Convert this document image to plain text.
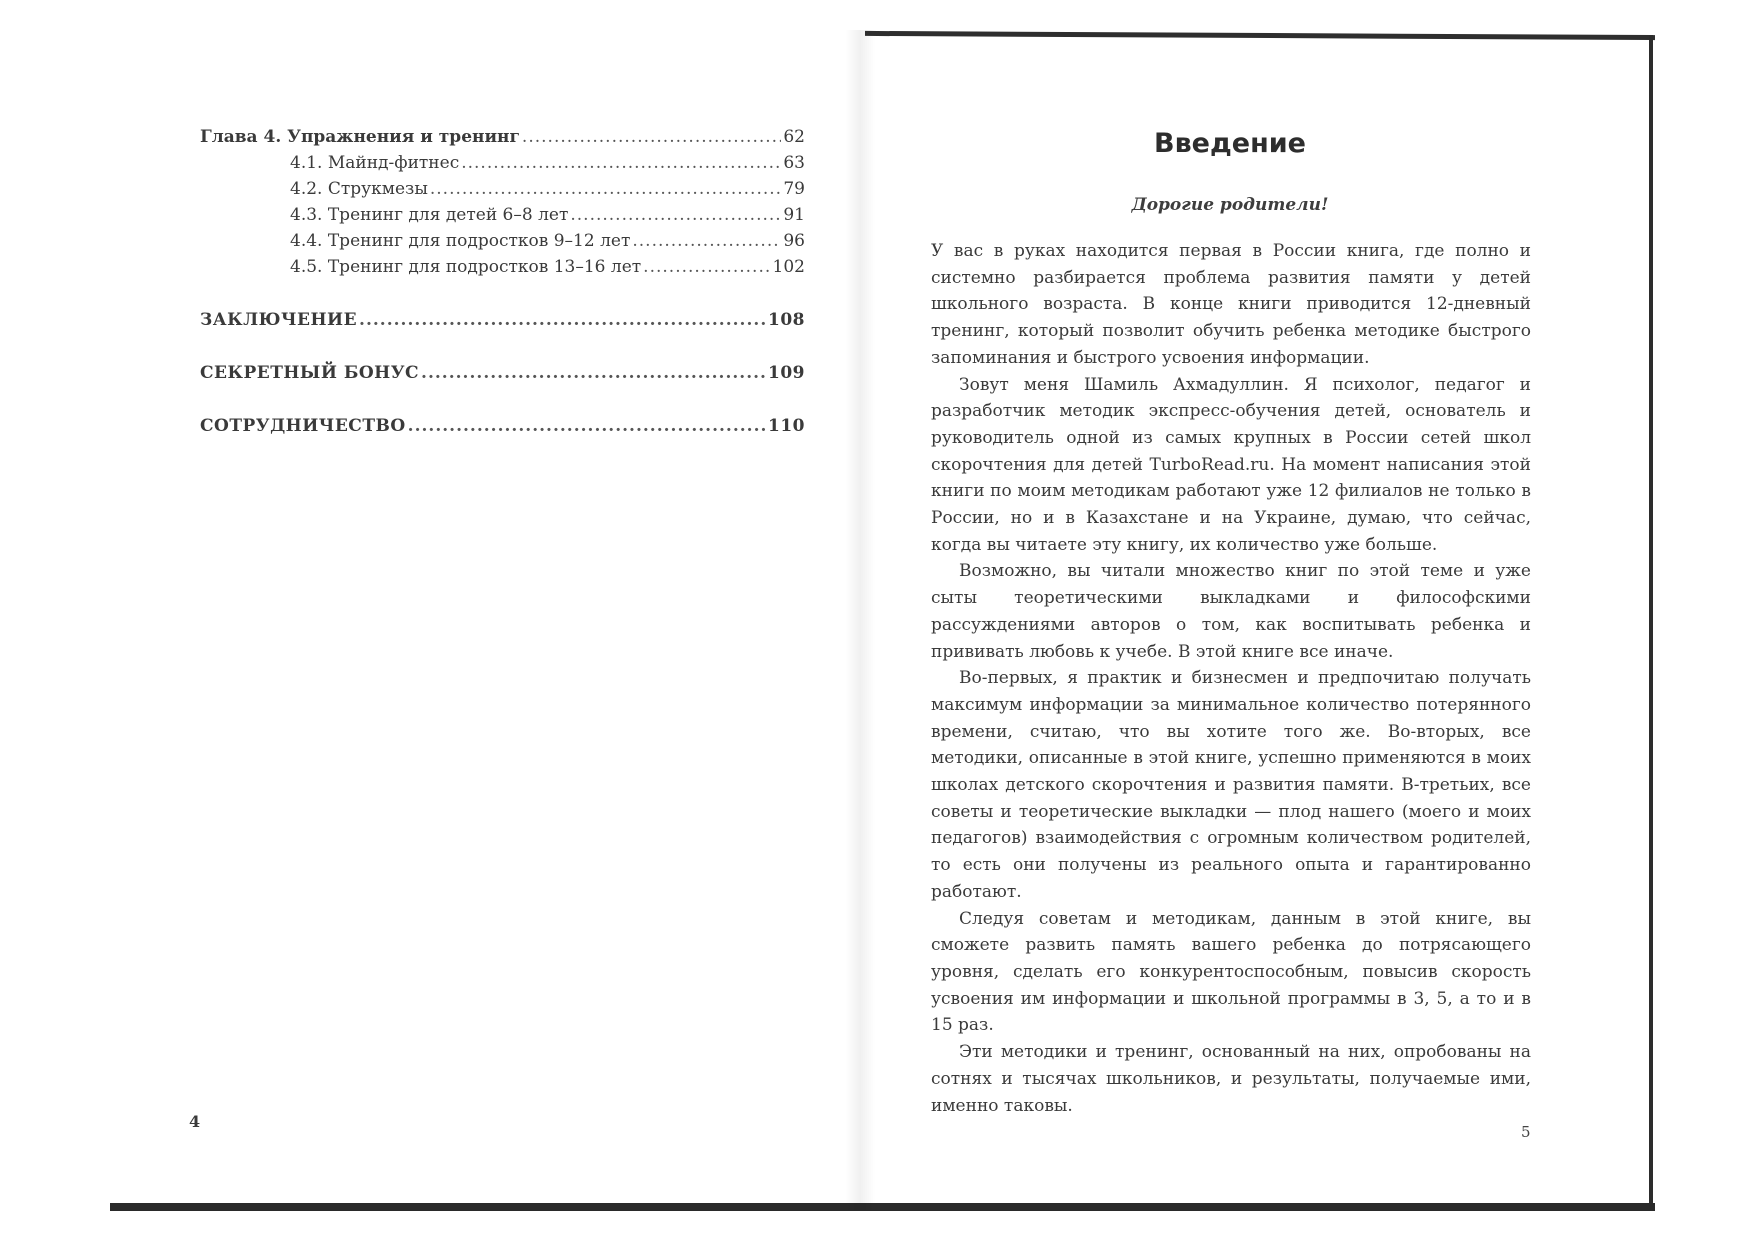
Глава 4. Упражнения и тренинг .....	62
4.1. Майнд-фитнес .....	63
4.2. Струкмезы .....	79
4.3. Тренинг для детей 6–8 лет .....	91
4.4. Тренинг для подростков 9–12 лет .....	96
4.5. Тренинг для подростков 13–16 лет .....	102
ЗАКЛЮЧЕНИЕ .....	108
СЕКРЕТНЫЙ БОНУС .....	109
СОТРУДНИЧЕСТВО .....	110
4
Введение
Дорогие родители!

У вас в руках находится первая в России книга, где полно и системно разбирается проблема развития памяти у детей школьного возраста. В конце книги приводится 12-дневный тренинг, который позволит обучить ребенка методике быстрого запоминания и быстрого усвоения информации.

Зовут меня Шамиль Ахмадуллин. Я психолог, педагог и разработчик методик экспресс-обучения детей, основатель и руководитель одной из самых крупных в России сетей школ скорочтения для детей TurboRead.ru. На момент написания этой книги по моим методикам работают уже 12 филиалов не только в России, но и в Казахстане и на Украине, думаю, что сейчас, когда вы читаете эту книгу, их количество уже больше.

Возможно, вы читали множество книг по этой теме и уже сыты теоретическими выкладками и философскими рассуждениями авторов о том, как воспитывать ребенка и прививать любовь к учебе. В этой книге все иначе.

Во-первых, я практик и бизнесмен и предпочитаю получать максимум информации за минимальное количество потерянного времени, считаю, что вы хотите того же. Во-вторых, все методики, описанные в этой книге, успешно применяются в моих школах детского скорочтения и развития памяти. В-третьих, все советы и теоретические выкладки — плод нашего (моего и моих педагогов) взаимодействия с огромным количеством родителей, то есть они получены из реального опыта и гарантированно работают.

Следуя советам и методикам, данным в этой книге, вы сможете развить память вашего ребенка до потрясающего уровня, сделать его конкурентоспособным, повысив скорость усвоения им информации и школьной программы в 3, 5, а то и в 15 раз.

Эти методики и тренинг, основанный на них, опробованы на сотнях и тысячах школьников, и результаты, получаемые ими, именно таковы.

5
